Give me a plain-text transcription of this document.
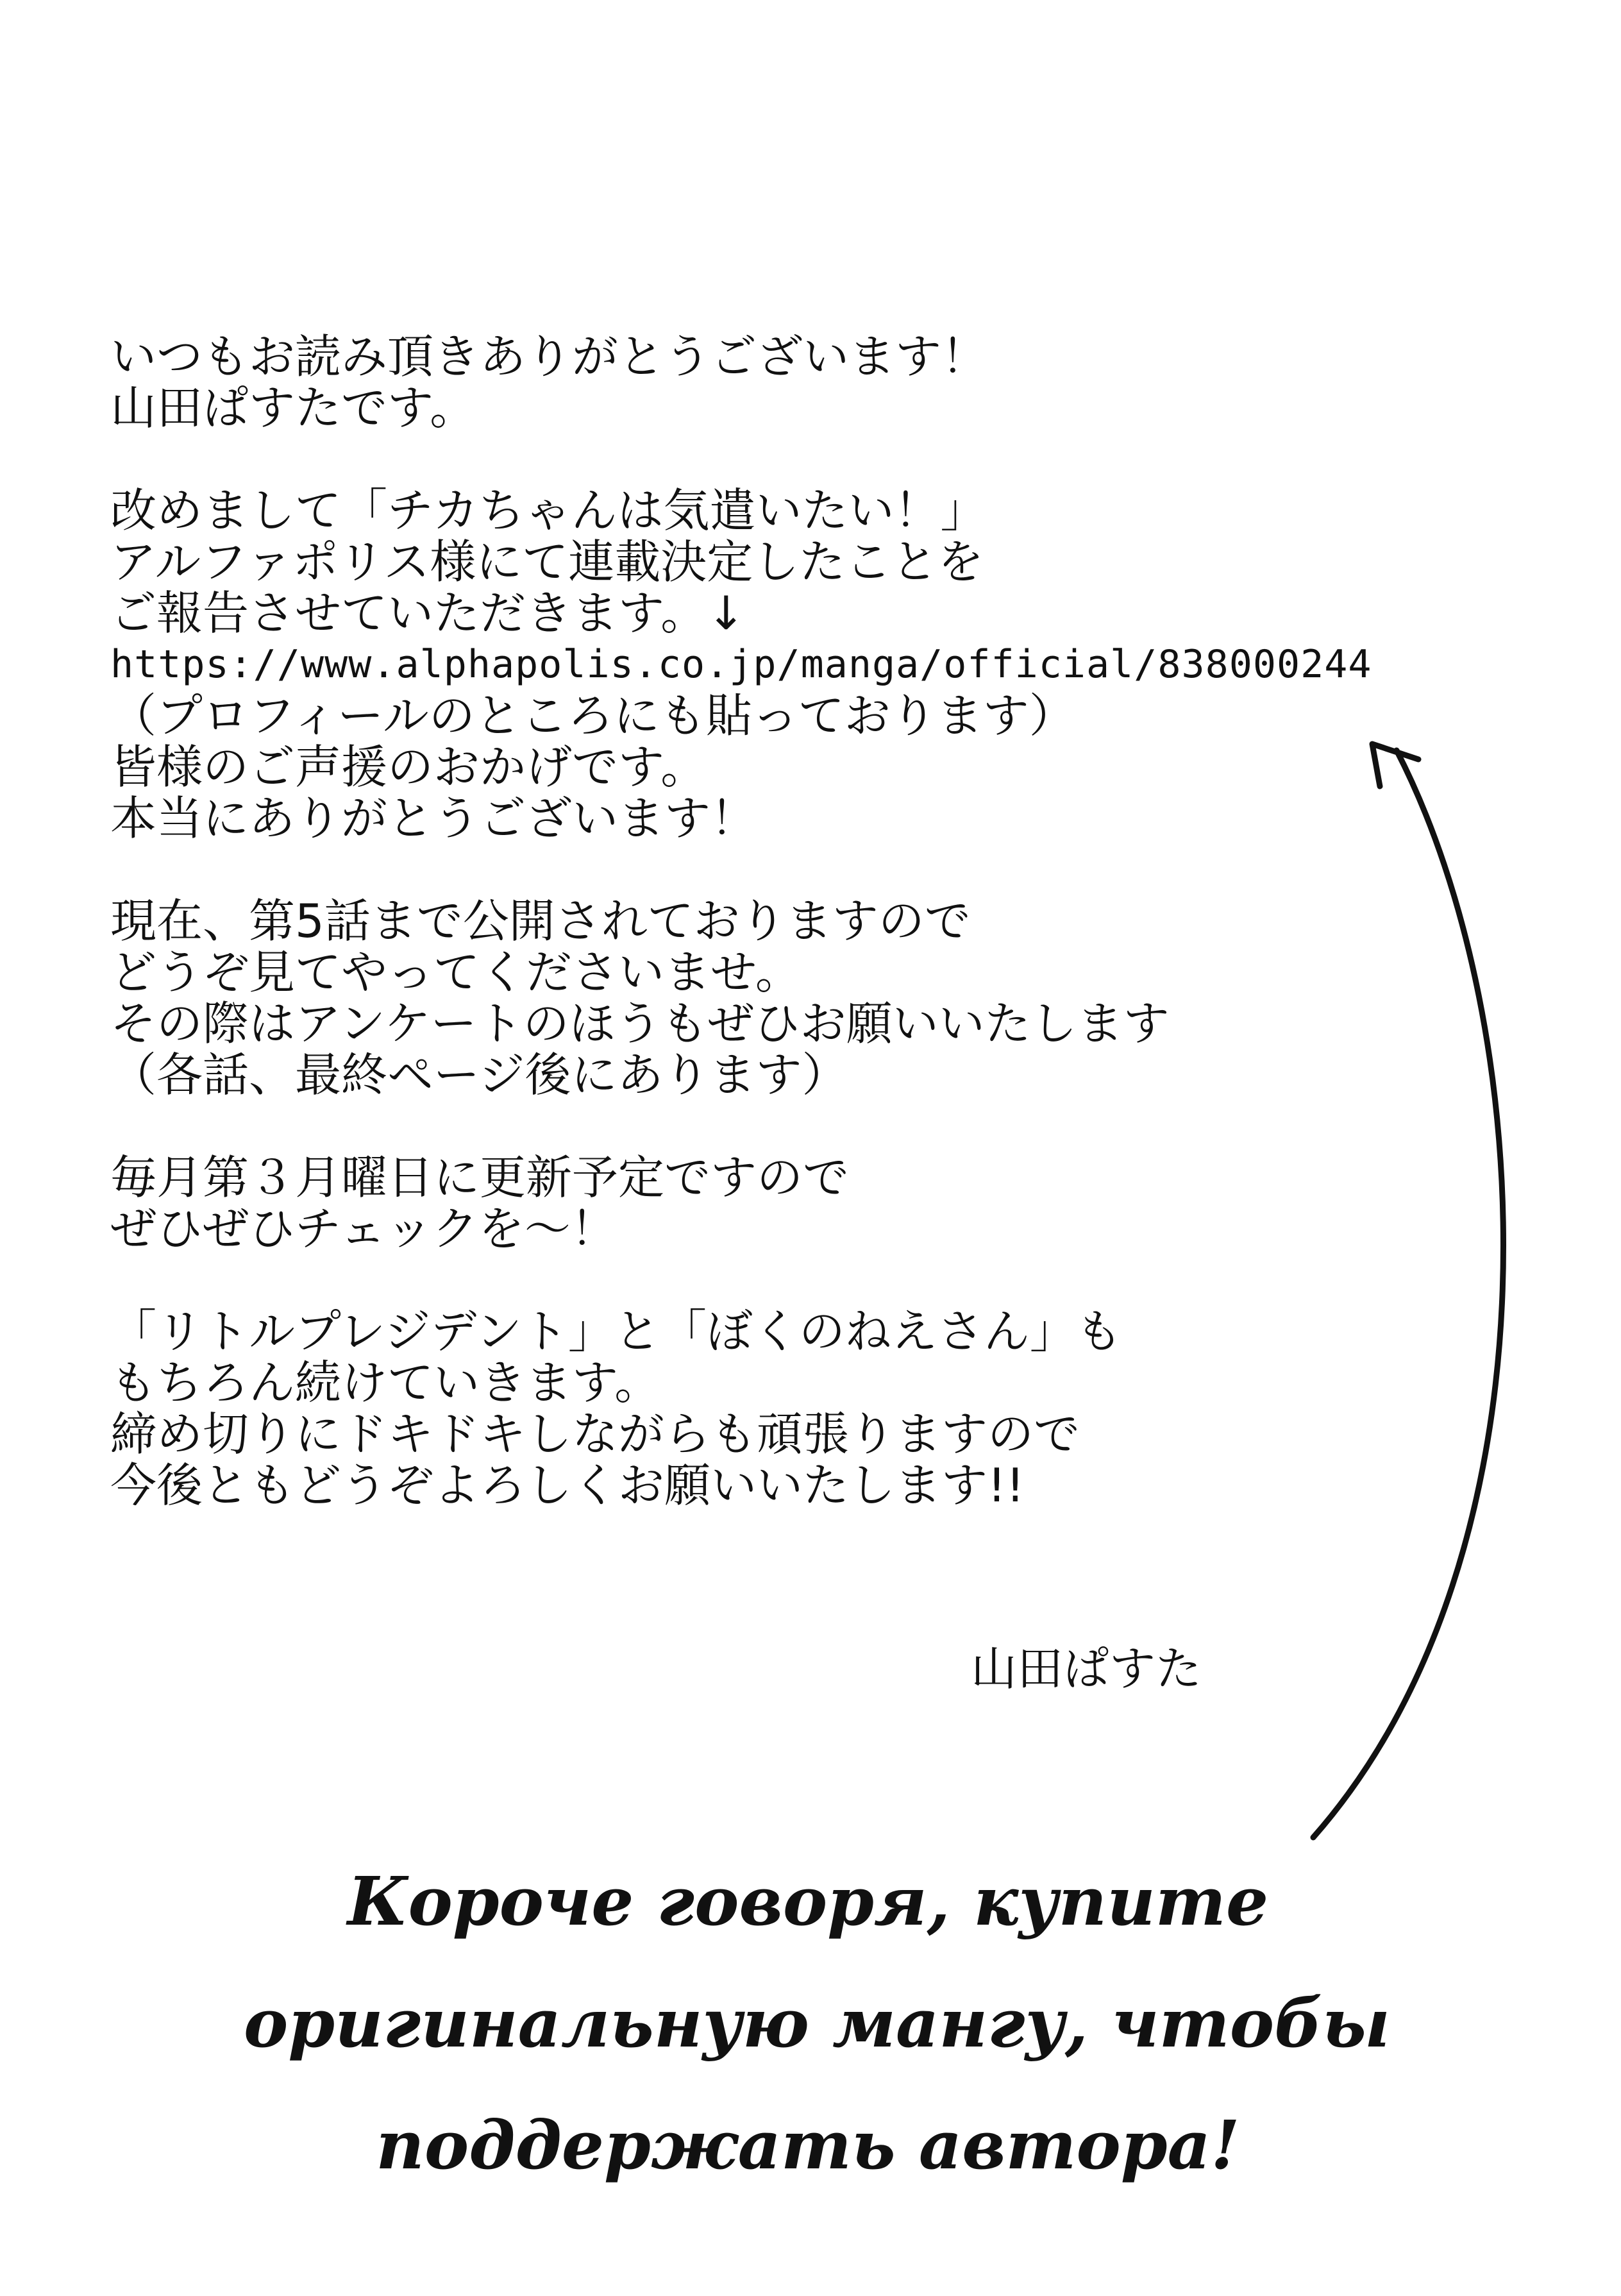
いつもお読み頂きありがとうございます！
山田ぱすたです。
改めまして「チカちゃんは気遣いたい！」
アルファポリス様にて連載決定したことを
ご報告させていただきます。↓
https://www.alphapolis.co.jp/manga/official/838000244
（プロフィールのところにも貼っております）
皆様のご声援のおかげです。
本当にありがとうございます！
現在、第5話まで公開されておりますので
どうぞ見てやってくださいませ。
その際はアンケートのほうもぜひお願いいたします
（各話、最終ページ後にあります）
毎月第３月曜日に更新予定ですので
ぜひぜひチェックを～！
「リトルプレジデント」と「ぼくのねえさん」も
もちろん続けていきます。
締め切りにドキドキしながらも頑張りますので
今後ともどうぞよろしくお願いいたします!!
山田ぱすた
Короче говоря, купите
оригинальную мангу, чтобы
поддержать автора!
